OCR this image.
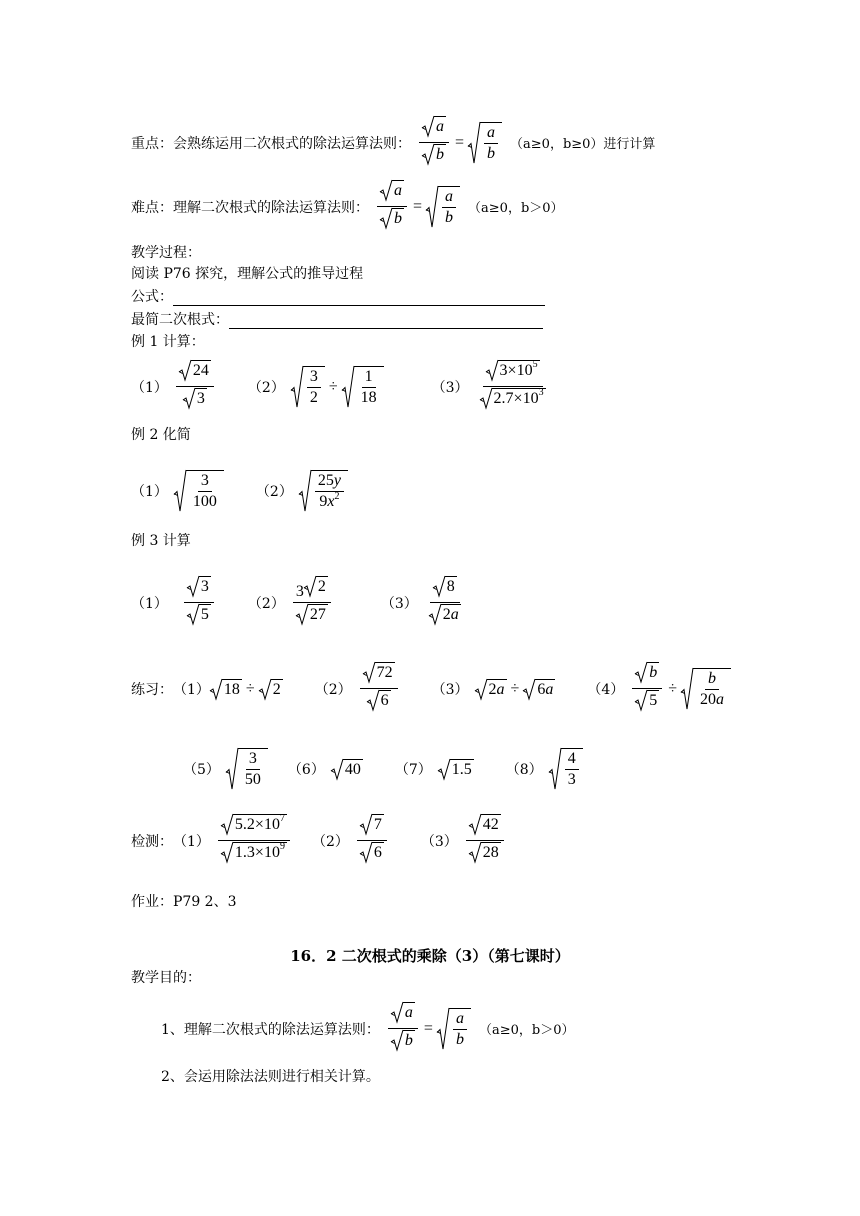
重点：会熟练运用二次根式的除法运算法则： $\frac{a}{b} = \frac{a}{b} (a\ge 0$，b≥0）进行计算
难点：理解二次根式的除法运算法则： $\frac{a}{b} = \frac{a}{b} (a\ge 0$，b＞0）
教学过程：
阅读 P76 探究，理解公式的推导过程
公式：
最简二次根式：
例 1 计算：
$(1) \frac{24}{3} (2) \frac{3}{2} \div \frac{1}{18}$	$(3) \frac{3\times 10 5}{2.7\times 10 3}$
例 2 化简
$(1) \frac{3}{100}$	$(2) \frac{25y}{9x^2}$
例 3 计算
$(1) \frac{3}{5} (2) \frac{3 2}{27}$	$(3) \frac{8}{2 a}$
练习： （1） 18 ÷ 2 $(2) \frac{72}{6} (3)$ 2 a ÷ 6 a $(4) \frac{b}{5} \div \frac{b}{20a}$
$(5) \frac{3}{50} (6)$ 40 （7） 1.5 $(8) \frac{4}{3}$
检测： $(1) \frac{5.2\times 10 7}{1.3\times 10 9} (2) \frac{7}{6} (3) \frac{42}{28}$
作业：P79 2、3
16．2 二次根式的乘除（3）（第七课时）
教学目的：
1、理解二次根式的除法运算法则： $\frac{a}{b} = \frac{a}{b} (a\ge 0$，b＞0）
2、会运用除法法则进行相关计算。
